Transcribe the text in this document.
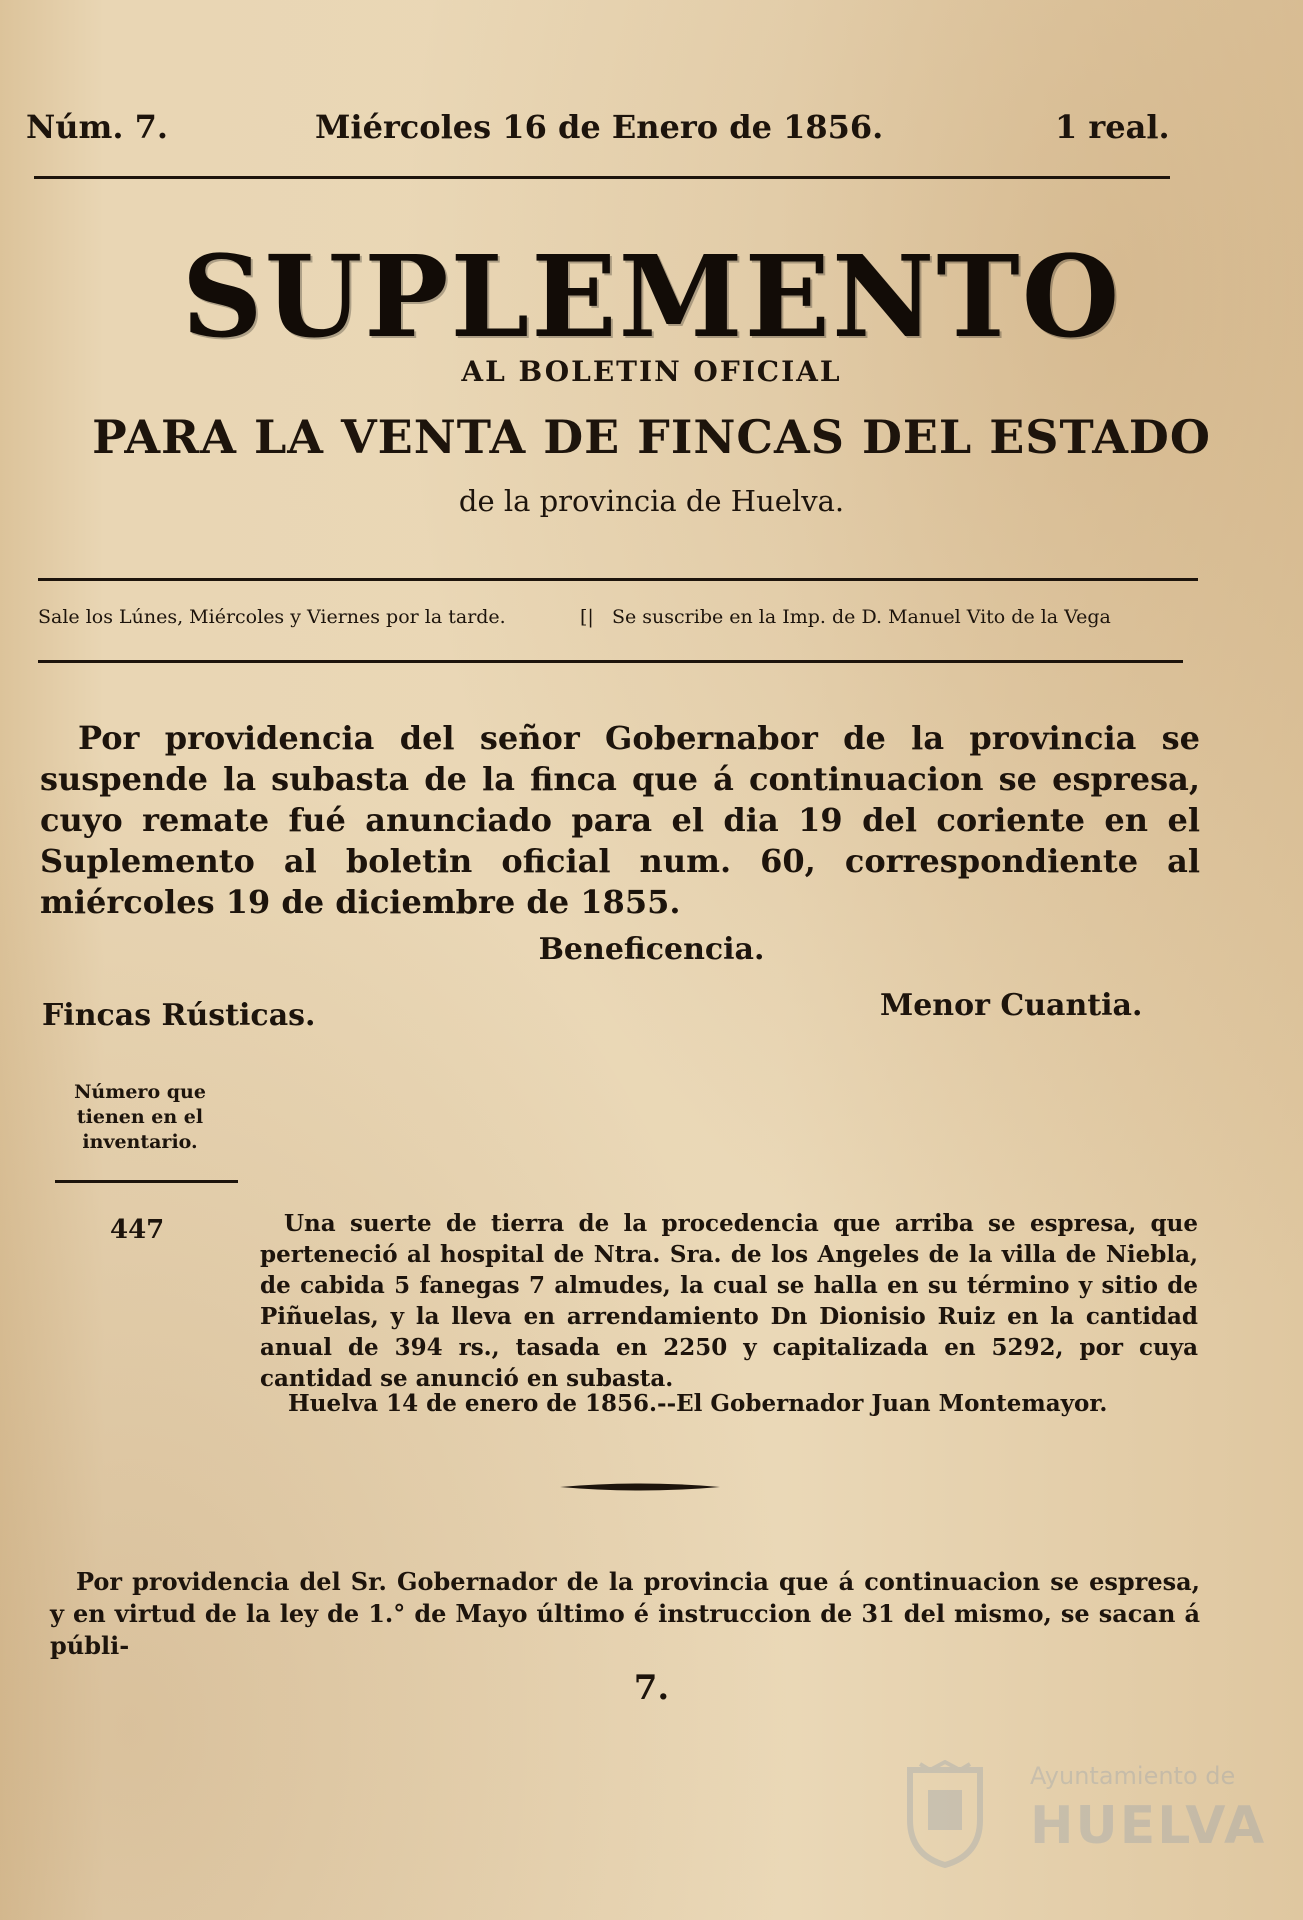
Núm. 7.	Miércoles 16 de Enero de 1856.	1 real.

SUPLEMENTO

AL BOLETIN OFICIAL

PARA LA VENTA DE FINCAS DEL ESTADO

de la provincia de Huelva.

Sale los Lúnes, Miércoles y Viernes por la tarde.	[| Se suscribe en la Imp. de D. Manuel Vito de la Vega

Por providencia del señor Gobernabor de la provincia se suspende la subasta de la finca que á continuacion se espresa, cuyo remate fué anunciado para el dia 19 del coriente en el Suplemento al boletin oficial num. 60, correspondiente al miércoles 19 de diciembre de 1855.

Beneficencia.

Fincas Rústicas.	Menor Cuantia.

Número que tienen en el inventario.

447	Una suerte de tierra de la procedencia que arriba se espresa, que perteneció al hospital de Ntra. Sra. de los Angeles de la villa de Niebla, de cabida 5 fanegas 7 almudes, la cual se halla en su término y sitio de Piñuelas, y la lleva en arrendamiento Dn Dionisio Ruiz en la cantidad anual de 394 rs., tasada en 2250 y capitalizada en 5292, por cuya cantidad se anunció en subasta.

Huelva 14 de enero de 1856.--El Gobernador Juan Montemayor.

Por providencia del Sr. Gobernador de la provincia que á continuacion se espresa, y en virtud de la ley de 1.° de Mayo último é instruccion de 31 del mismo, se sacan á públi-

7.

Ayuntamiento de
HUELVA
